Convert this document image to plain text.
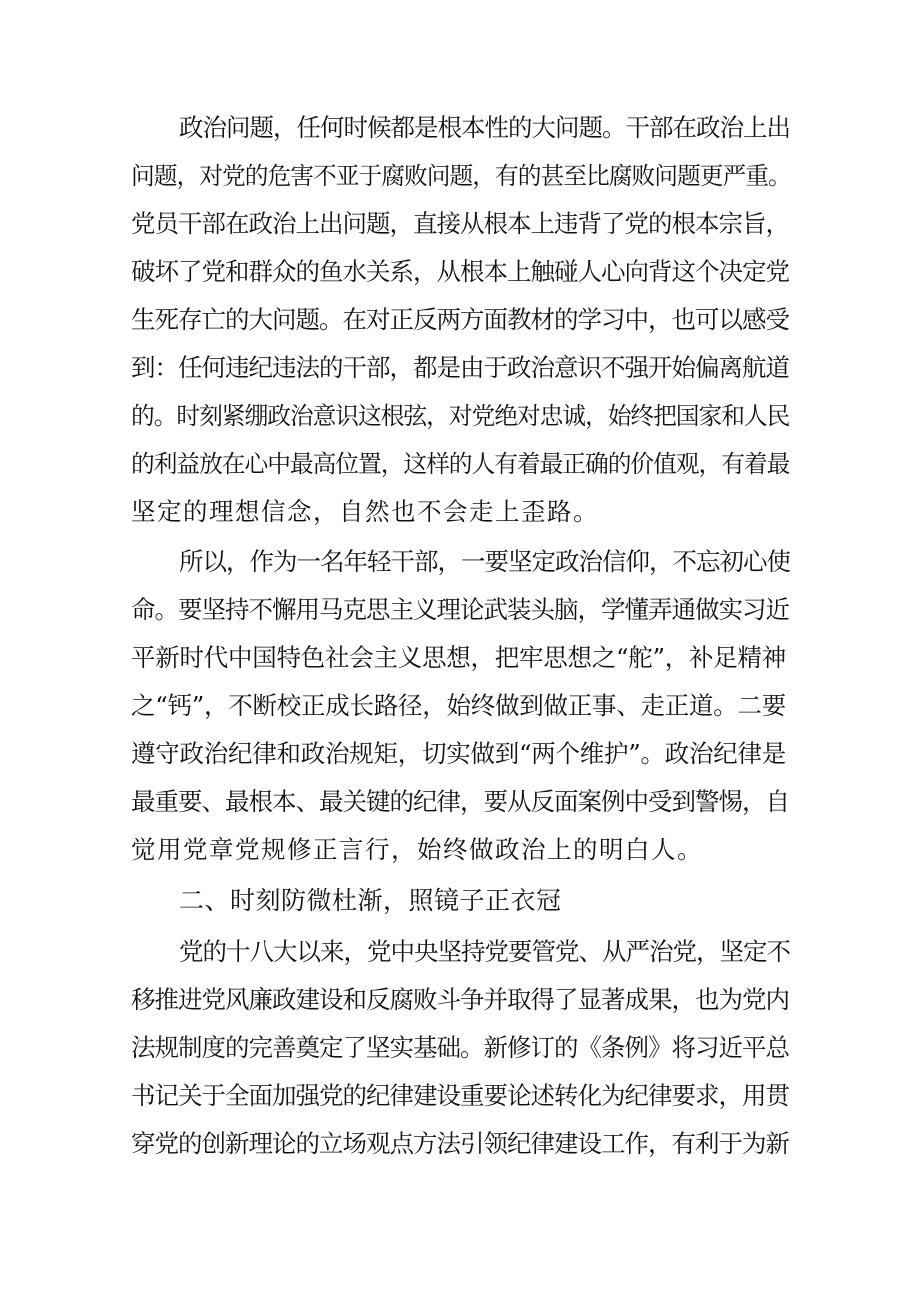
政治问题，任何时候都是根本性的大问题。干部在政治上出
问题，对党的危害不亚于腐败问题，有的甚至比腐败问题更严重。
党员干部在政治上出问题，直接从根本上违背了党的根本宗旨，
破坏了党和群众的鱼水关系，从根本上触碰人心向背这个决定党
生死存亡的大问题。在对正反两方面教材的学习中，也可以感受
到：任何违纪违法的干部，都是由于政治意识不强开始偏离航道
的。时刻紧绷政治意识这根弦，对党绝对忠诚，始终把国家和人民
的利益放在心中最高位置，这样的人有着最正确的价值观，有着最
坚定的理想信念，自然也不会走上歪路。
所以，作为一名年轻干部，一要坚定政治信仰，不忘初心使
命。要坚持不懈用马克思主义理论武装头脑，学懂弄通做实习近
平新时代中国特色社会主义思想，把牢思想之“舵”，补足精神
之“钙”，不断校正成长路径，始终做到做正事、走正道。二要
遵守政治纪律和政治规矩，切实做到“两个维护”。政治纪律是
最重要、最根本、最关键的纪律，要从反面案例中受到警惕，自
觉用党章党规修正言行，始终做政治上的明白人。
二、时刻防微杜渐，照镜子正衣冠
党的十八大以来，党中央坚持党要管党、从严治党，坚定不
移推进党风廉政建设和反腐败斗争并取得了显著成果，也为党内
法规制度的完善奠定了坚实基础。新修订的《条例》将习近平总
书记关于全面加强党的纪律建设重要论述转化为纪律要求，用贯
穿党的创新理论的立场观点方法引领纪律建设工作，有利于为新
